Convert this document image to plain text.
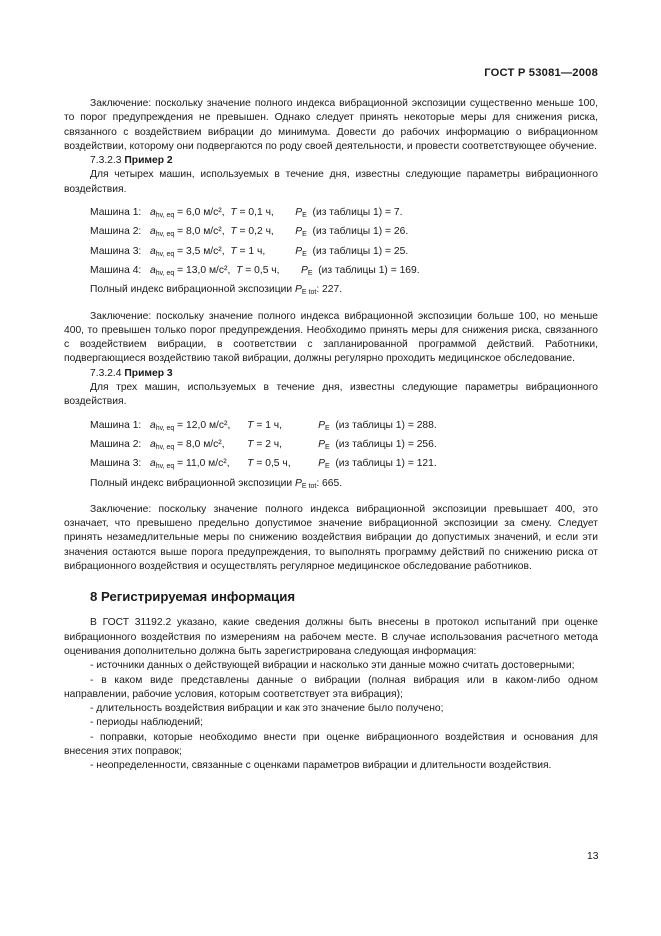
ГОСТ Р 53081—2008

Заключение: поскольку значение полного индекса вибрационной экспозиции существенно меньше 100, то порог предупреждения не превышен. Однако следует принять некоторые меры для снижения риска, связанного с воздействием вибрации до минимума. Довести до рабочих информацию о вибрационном воздействии, которому они подвергаются по роду своей деятельности, и провести соответствующее обучение.

7.3.2.3 Пример 2

Для четырех машин, используемых в течение дня, известны следующие параметры вибрационного воздействия.

Машина 1: $a_{hv, eq} = 6,0$ м/с²,  T = 0,1 ч, $P_E$ (из таблицы 1) = 7.
Машина 2: $a_{hv, eq} = 8,0$ м/с²,  T = 0,2 ч, $P_E$ (из таблицы 1) = 26.
Машина 3: $a_{hv, eq} = 3,5$ м/с²,  T = 1 ч,	$P_E$ (из таблицы 1) = 25.
Машина 4: $a_{hv, eq} = 13,0$ м/с²,  T = 0,5 ч, $P_E$ (из таблицы 1) = 169.
Полный индекс вибрационной экспозиции $P_{E tot}$: 227.

Заключение: поскольку значение полного индекса вибрационной экспозиции больше 100, но меньше 400, то превышен только порог предупреждения. Необходимо принять меры для снижения риска, связанного с воздействием вибрации, в соответствии с запланированной программой действий. Работники, подвергающиеся воздействию такой вибрации, должны регулярно проходить медицинское обследование.

7.3.2.4 Пример 3

Для трех машин, используемых в течение дня, известны следующие параметры вибрационного воздействия.

Машина 1: $a_{hv, eq} = 12,0$ м/с²,T = 1 ч,	$P_E$ (из таблицы 1) = 288.
Машина 2: $a_{hv, eq} = 8,0$ м/с²,T = 2 ч,	$P_E$ (из таблицы 1) = 256.
Машина 3: $a_{hv, eq} = 11,0$ м/с²,T = 0,5 ч,	$P_E$ (из таблицы 1) = 121.
Полный индекс вибрационной экспозиции $P_{E tot}$: 665.

Заключение: поскольку значение полного индекса вибрационной экспозиции превышает 400, это означает, что превышено предельно допустимое значение вибрационной экспозиции за смену. Следует принять незамедлительные меры по снижению воздействия вибрации до допустимых значений, и если эти значения остаются выше порога предупреждения, то выполнять программу действий по снижению риска от вибрационного воздействия и осуществлять регулярное медицинское обследование работников.

8 Регистрируемая информация

В ГОСТ 31192.2 указано, какие сведения должны быть внесены в протокол испытаний при оценке вибрационного воздействия по измерениям на рабочем месте. В случае использования расчетного метода оценивания дополнительно должна быть зарегистрирована следующая информация:

- источники данных о действующей вибрации и насколько эти данные можно считать достоверными;

- в каком виде представлены данные о вибрации (полная вибрация или в каком-либо одном направлении, рабочие условия, которым соответствует эта вибрация);

- длительность воздействия вибрации и как это значение было получено;

- периоды наблюдений;

- поправки, которые необходимо внести при оценке вибрационного воздействия и основания для внесения этих поправок;

- неопределенности, связанные с оценками параметров вибрации и длительности воздействия.

13
